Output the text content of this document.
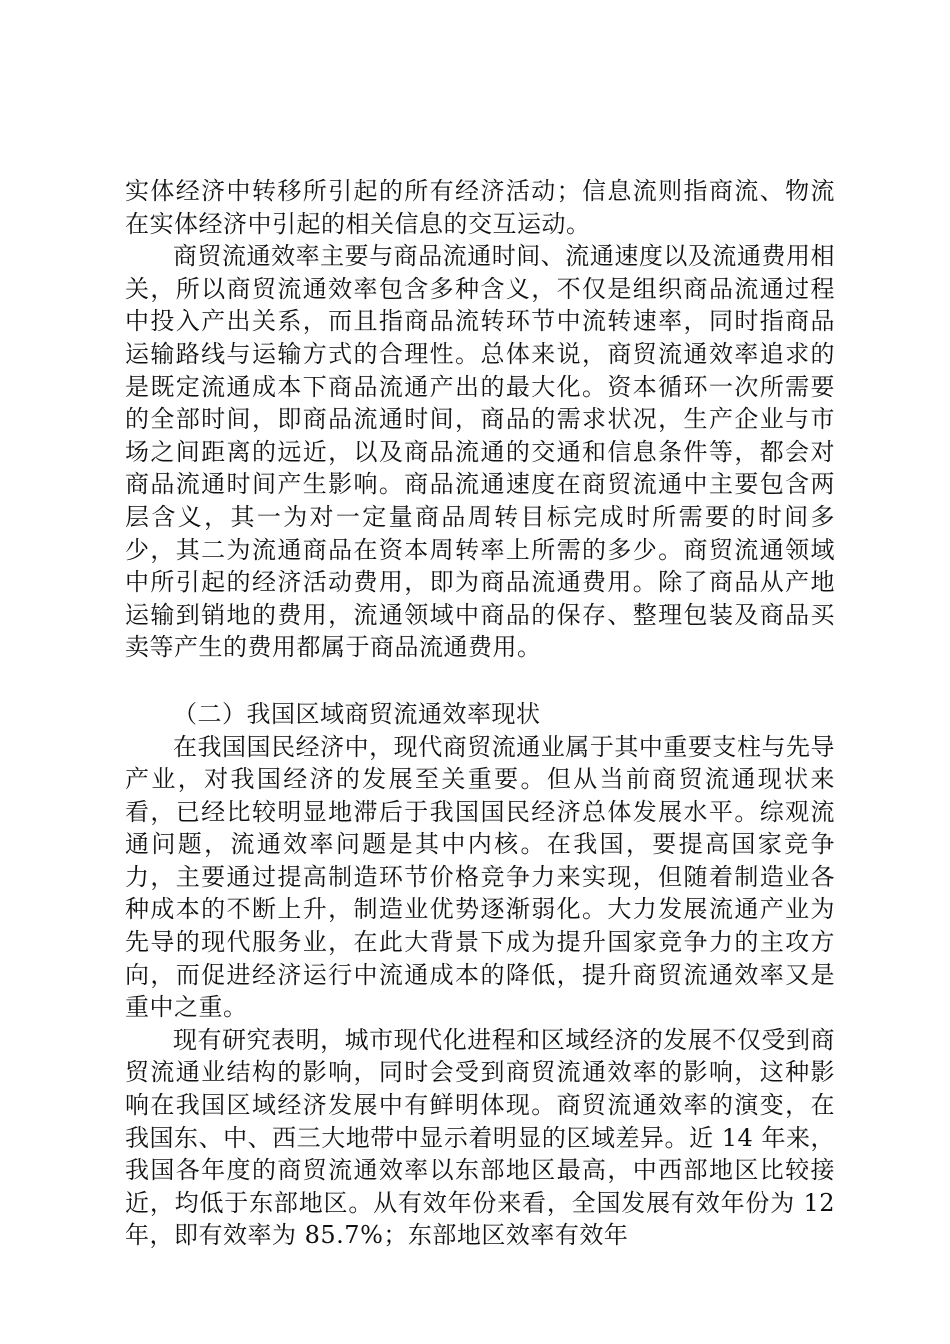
实体经济中转移所引起的所有经济活动；信息流则指商流、物流在实体经济中引起的相关信息的交互运动。

商贸流通效率主要与商品流通时间、流通速度以及流通费用相关，所以商贸流通效率包含多种含义，不仅是组织商品流通过程中投入产出关系，而且指商品流转环节中流转速率，同时指商品运输路线与运输方式的合理性。总体来说，商贸流通效率追求的是既定流通成本下商品流通产出的最大化。资本循环一次所需要的全部时间，即商品流通时间，商品的需求状况，生产企业与市场之间距离的远近，以及商品流通的交通和信息条件等，都会对商品流通时间产生影响。商品流通速度在商贸流通中主要包含两层含义，其一为对一定量商品周转目标完成时所需要的时间多少，其二为流通商品在资本周转率上所需的多少。商贸流通领域中所引起的经济活动费用，即为商品流通费用。除了商品从产地运输到销地的费用，流通领域中商品的保存、整理包装及商品买卖等产生的费用都属于商品流通费用。

（二）我国区域商贸流通效率现状

在我国国民经济中，现代商贸流通业属于其中重要支柱与先导产业，对我国经济的发展至关重要。但从当前商贸流通现状来看，已经比较明显地滞后于我国国民经济总体发展水平。综观流通问题，流通效率问题是其中内核。在我国，要提高国家竞争力，主要通过提高制造环节价格竞争力来实现，但随着制造业各种成本的不断上升，制造业优势逐渐弱化。大力发展流通产业为先导的现代服务业，在此大背景下成为提升国家竞争力的主攻方向，而促进经济运行中流通成本的降低，提升商贸流通效率又是重中之重。

现有研究表明，城市现代化进程和区域经济的发展不仅受到商贸流通业结构的影响，同时会受到商贸流通效率的影响，这种影响在我国区域经济发展中有鲜明体现。商贸流通效率的演变，在我国东、中、西三大地带中显示着明显的区域差异。近 14 年来，我国各年度的商贸流通效率以东部地区最高，中西部地区比较接近，均低于东部地区。从有效年份来看，全国发展有效年份为 12 年，即有效率为 85.7%；东部地区效率有效年
